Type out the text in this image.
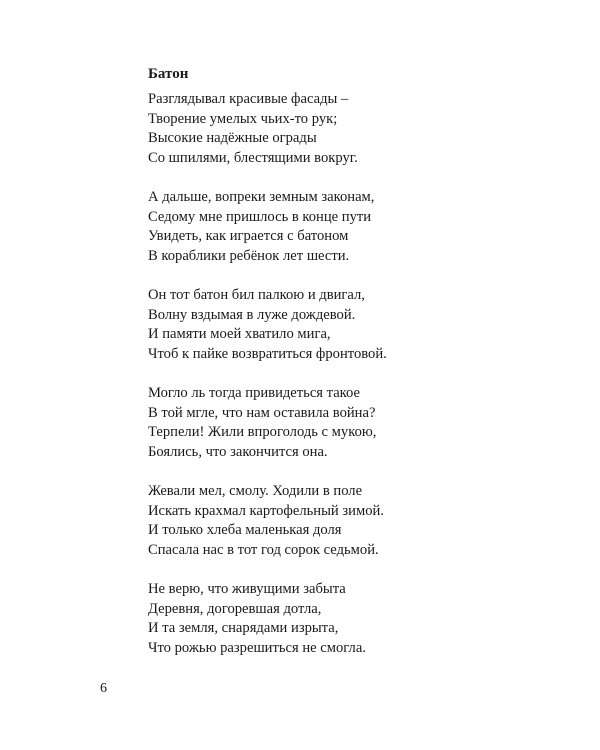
Батон
Разглядывал красивые фасады –
Творение умелых чьих-то рук;
Высокие надёжные ограды
Со шпилями, блестящими вокруг.
А дальше, вопреки земным законам,
Седому мне пришлось в конце пути
Увидеть, как играется с батоном
В кораблики ребёнок лет шести.
Он тот батон бил палкою и двигал,
Волну вздымая в луже дождевой.
И памяти моей хватило мига,
Чтоб к пайке возвратиться фронтовой.
Могло ль тогда привидеться такое
В той мгле, что нам оставила война?
Терпели! Жили впроголодь с мукою,
Боялись, что закончится она.
Жевали мел, смолу. Ходили в поле
Искать крахмал картофельный зимой.
И только хлеба маленькая доля
Спасала нас в тот год сорок седьмой.
Не верю, что живущими забыта
Деревня, догоревшая дотла,
И та земля, снарядами изрыта,
Что рожью разрешиться не смогла.
6
